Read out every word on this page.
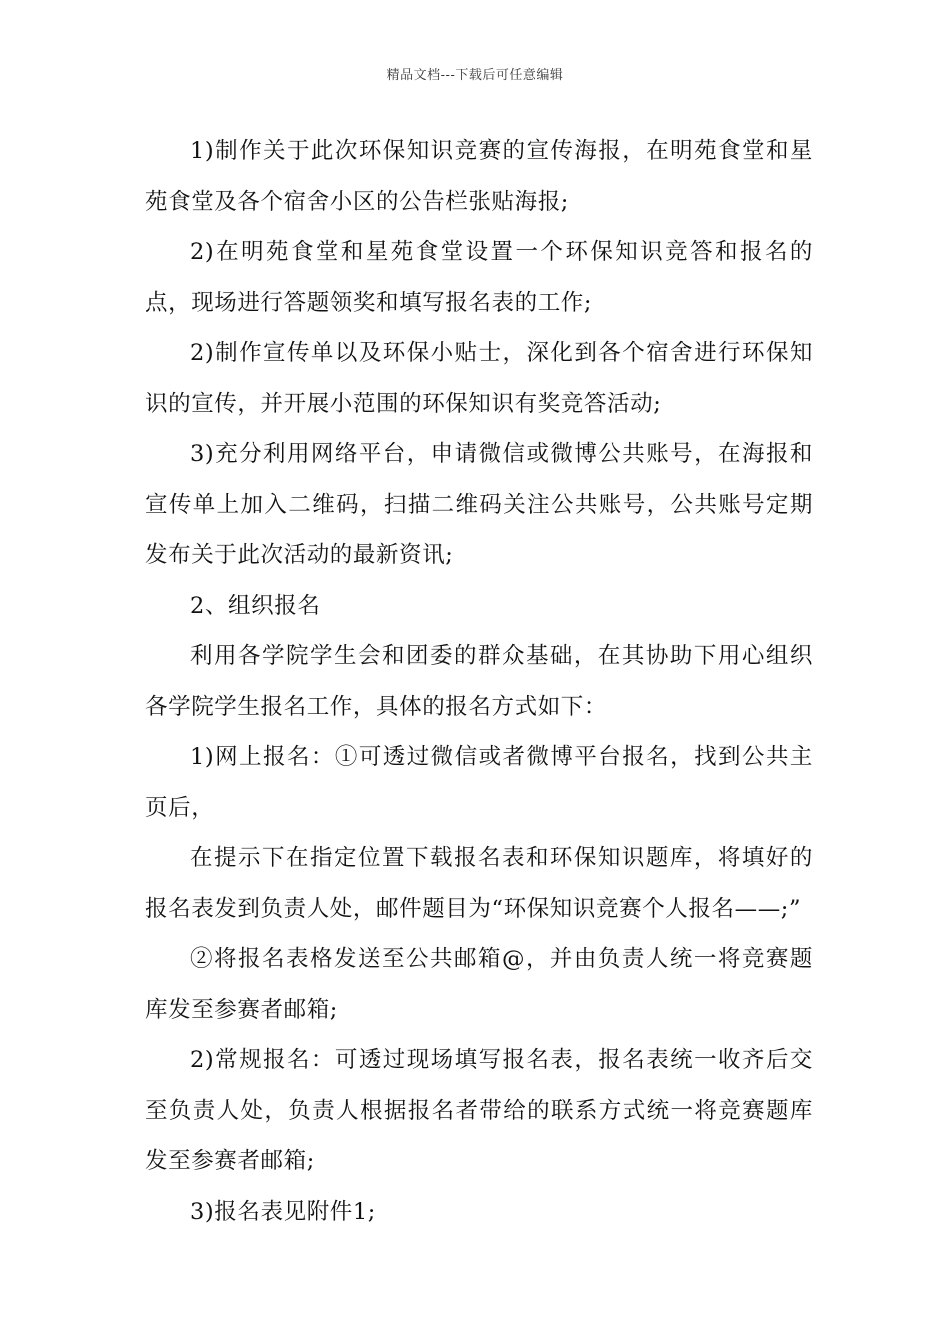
精品文档---下载后可任意编辑

1)制作关于此次环保知识竞赛的宣传海报，在明苑食堂和星苑食堂及各个宿舍小区的公告栏张贴海报;

2)在明苑食堂和星苑食堂设置一个环保知识竞答和报名的点，现场进行答题领奖和填写报名表的工作;

2)制作宣传单以及环保小贴士，深化到各个宿舍进行环保知识的宣传，并开展小范围的环保知识有奖竞答活动;

3)充分利用网络平台，申请微信或微博公共账号，在海报和宣传单上加入二维码，扫描二维码关注公共账号，公共账号定期发布关于此次活动的最新资讯;

2、组织报名

利用各学院学生会和团委的群众基础，在其协助下用心组织各学院学生报名工作，具体的报名方式如下：

1)网上报名：①可透过微信或者微博平台报名，找到公共主页后，

在提示下在指定位置下载报名表和环保知识题库，将填好的报名表发到负责人处，邮件题目为“环保知识竞赛个人报名——;”

②将报名表格发送至公共邮箱@，并由负责人统一将竞赛题库发至参赛者邮箱;

2)常规报名：可透过现场填写报名表，报名表统一收齐后交至负责人处，负责人根据报名者带给的联系方式统一将竞赛题库发至参赛者邮箱;

3)报名表见附件1;
